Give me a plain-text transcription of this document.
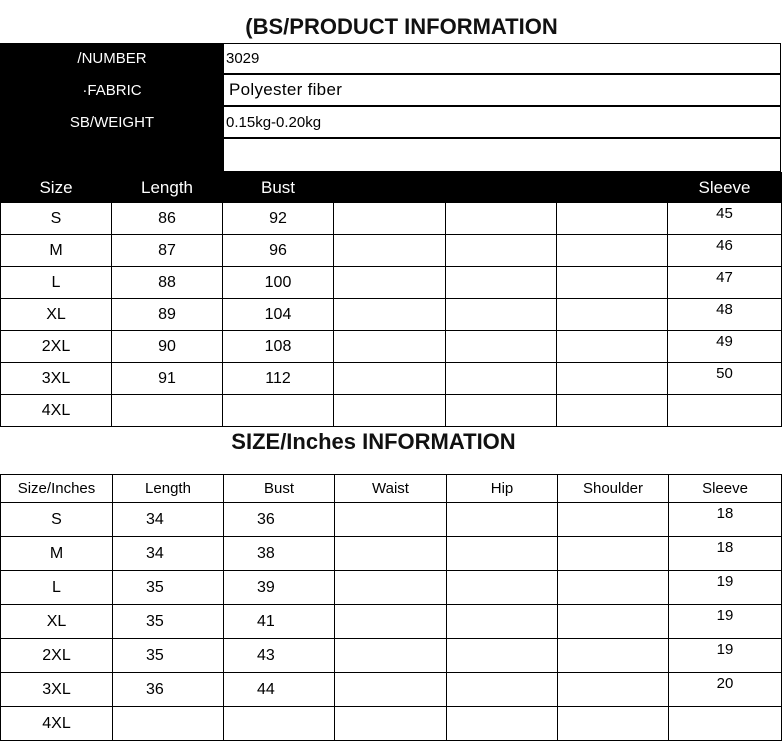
(BS/PRODUCT INFORMATION
/NUMBER	3029
·FABRIC	Polyester fiber
SB/WEIGHT	0.15kg-0.20kg
Size	Length	Bust				Sleeve
S	86	92				45
M	87	96				46
L	88	100				47
XL	89	104				48
2XL	90	108				49
3XL	91	112				50
4XL						
SIZE/Inches INFORMATION
Size/Inches	Length	Bust	Waist	Hip	Shoulder	Sleeve
S	34	36				18
M	34	38				18
L	35	39				19
XL	35	41				19
2XL	35	43				19
3XL	36	44				20
4XL						
